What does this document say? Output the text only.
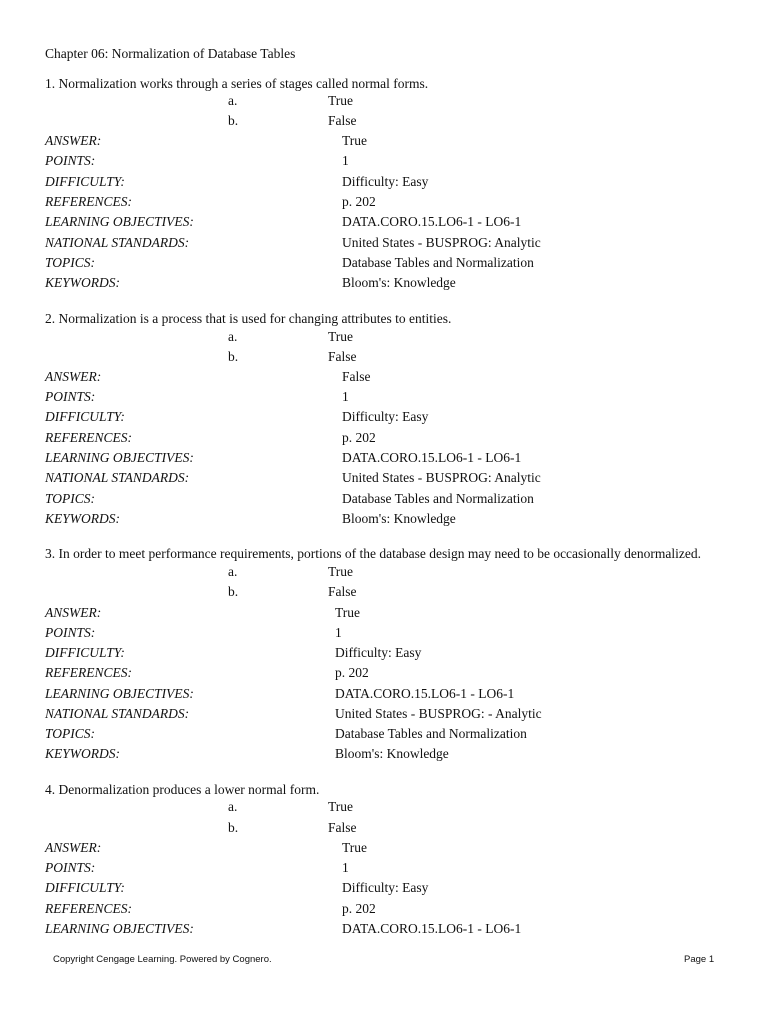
Chapter 06: Normalization of Database Tables
1. Normalization works through a series of stages called normal forms.
a.	True
b.	False
ANSWER:	True
POINTS:	1
DIFFICULTY:	Difficulty: Easy
REFERENCES:	p. 202
LEARNING OBJECTIVES:	DATA.CORO.15.LO6-1 - LO6-1
NATIONAL STANDARDS:	United States - BUSPROG: Analytic
TOPICS:	Database Tables and Normalization
KEYWORDS:	Bloom's: Knowledge
2. Normalization is a process that is used for changing attributes to entities.
a.	True
b.	False
ANSWER:	False
POINTS:	1
DIFFICULTY:	Difficulty: Easy
REFERENCES:	p. 202
LEARNING OBJECTIVES:	DATA.CORO.15.LO6-1 - LO6-1
NATIONAL STANDARDS:	United States - BUSPROG: Analytic
TOPICS:	Database Tables and Normalization
KEYWORDS:	Bloom's: Knowledge
3. In order to meet performance requirements, portions of the database design may need to be occasionally denormalized.
a.	True
b.	False
ANSWER:	True
POINTS:	1
DIFFICULTY:	Difficulty: Easy
REFERENCES:	p. 202
LEARNING OBJECTIVES:	DATA.CORO.15.LO6-1 - LO6-1
NATIONAL STANDARDS:	United States - BUSPROG: - Analytic
TOPICS:	Database Tables and Normalization
KEYWORDS:	Bloom's: Knowledge
4. Denormalization produces a lower normal form.
a.	True
b.	False
ANSWER:	True
POINTS:	1
DIFFICULTY:	Difficulty: Easy
REFERENCES:	p. 202
LEARNING OBJECTIVES:	DATA.CORO.15.LO6-1 - LO6-1
Copyright Cengage Learning. Powered by Cognero.	Page 1
